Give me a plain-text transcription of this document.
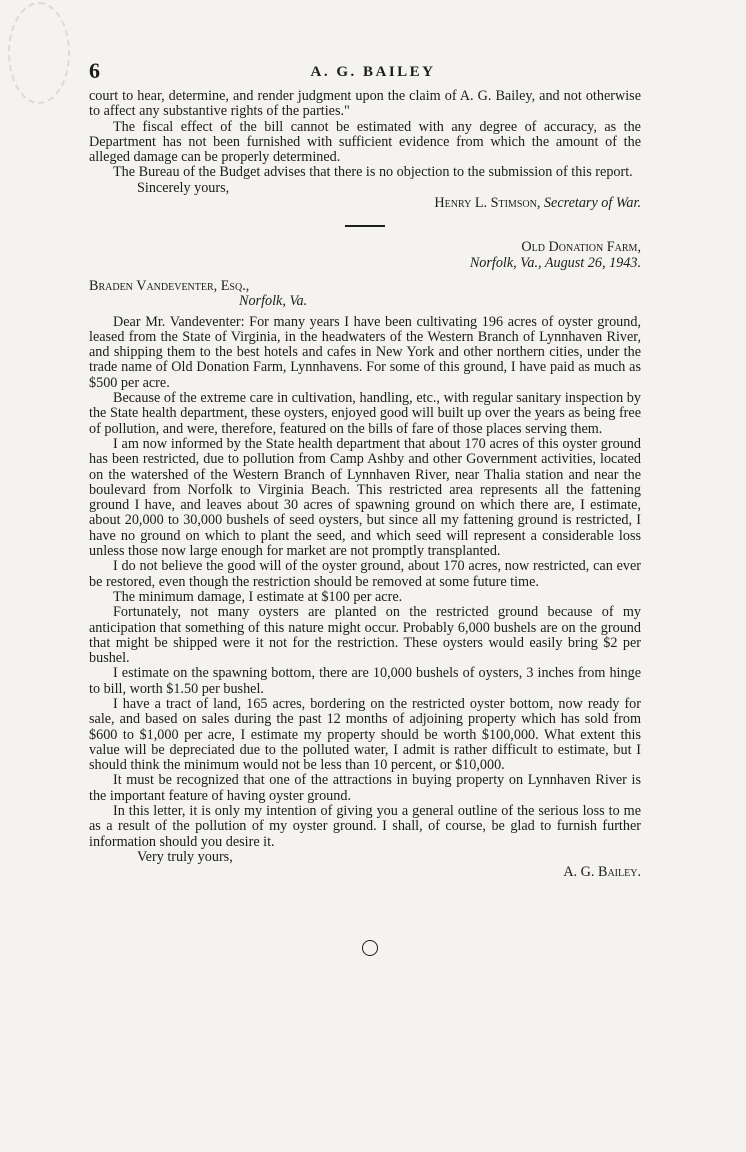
6	A. G. BAILEY

court to hear, determine, and render judgment upon the claim of A. G. Bailey, and not otherwise to affect any substantive rights of the parties."

The fiscal effect of the bill cannot be estimated with any degree of accuracy, as the Department has not been furnished with sufficient evidence from which the amount of the alleged damage can be properly determined.

The Bureau of the Budget advises that there is no objection to the submission of this report.

Sincerely yours,

Henry L. Stimson, Secretary of War.

Old Donation Farm,
Norfolk, Va., August 26, 1943.
Braden Vandeventer, Esq.,
Norfolk, Va.

Dear Mr. Vandeventer: For many years I have been cultivating 196 acres of oyster ground, leased from the State of Virginia, in the headwaters of the Western Branch of Lynnhaven River, and shipping them to the best hotels and cafes in New York and other northern cities, under the trade name of Old Donation Farm, Lynnhavens. For some of this ground, I have paid as much as $500 per acre.

Because of the extreme care in cultivation, handling, etc., with regular sanitary inspection by the State health department, these oysters, enjoyed good will built up over the years as being free of pollution, and were, therefore, featured on the bills of fare of those places serving them.

I am now informed by the State health department that about 170 acres of this oyster ground has been restricted, due to pollution from Camp Ashby and other Government activities, located on the watershed of the Western Branch of Lynnhaven River, near Thalia station and near the boulevard from Norfolk to Virginia Beach. This restricted area represents all the fattening ground I have, and leaves about 30 acres of spawning ground on which there are, I estimate, about 20,000 to 30,000 bushels of seed oysters, but since all my fattening ground is restricted, I have no ground on which to plant the seed, and which seed will represent a considerable loss unless those now large enough for market are not promptly transplanted.

I do not believe the good will of the oyster ground, about 170 acres, now restricted, can ever be restored, even though the restriction should be removed at some future time.

The minimum damage, I estimate at $100 per acre.

Fortunately, not many oysters are planted on the restricted ground because of my anticipation that something of this nature might occur. Probably 6,000 bushels are on the ground that might be shipped were it not for the restriction. These oysters would easily bring $2 per bushel.

I estimate on the spawning bottom, there are 10,000 bushels of oysters, 3 inches from hinge to bill, worth $1.50 per bushel.

I have a tract of land, 165 acres, bordering on the restricted oyster bottom, now ready for sale, and based on sales during the past 12 months of adjoining property which has sold from $600 to $1,000 per acre, I estimate my property should be worth $100,000. What extent this value will be depreciated due to the polluted water, I admit is rather difficult to estimate, but I should think the minimum would not be less than 10 percent, or $10,000.

It must be recognized that one of the attractions in buying property on Lynnhaven River is the important feature of having oyster ground.

In this letter, it is only my intention of giving you a general outline of the serious loss to me as a result of the pollution of my oyster ground. I shall, of course, be glad to furnish further information should you desire it.

Very truly yours,

A. G. Bailey.
